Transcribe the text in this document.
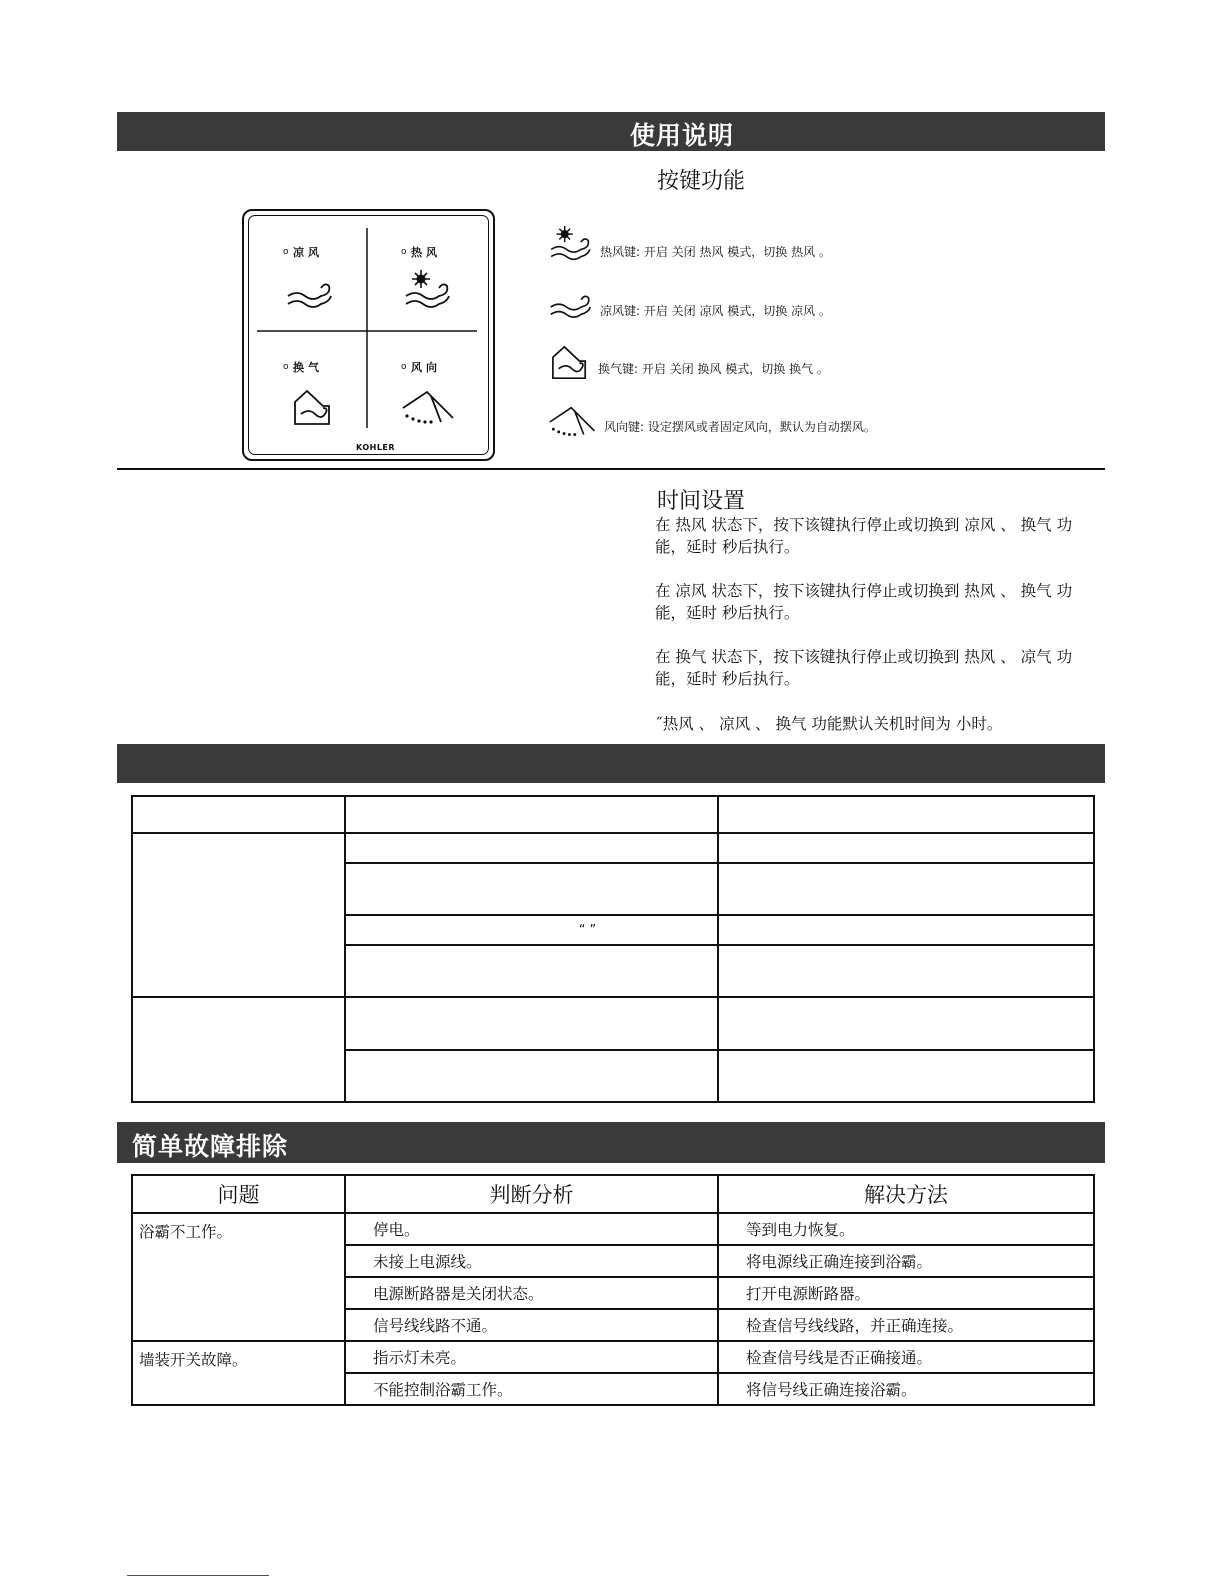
使用说明
按键功能
o 凉风	o 热风
o 换气	o 风向
KOHLER
热风键: 开启 关闭 热风 模式，切换 热风 。
凉风键: 开启 关闭 凉风 模式，切换 凉风 。
换气键: 开启 关闭 换风 模式，切换 换气 。
风向键: 设定摆风或者固定风向，默认为自动摆风。
时间设置
在 热风 状态下，按下该键执行停止或切换到 凉风 、 换气 功能，延时 秒后执行。
在 凉风 状态下，按下该键执行停止或切换到 热风 、 换气 功能，延时 秒后执行。
在 换气 状态下，按下该键执行停止或切换到 热风 、 凉气 功能，延时 秒后执行。
˝热风 、 凉风 、 换气 功能默认关机时间为 小时。

	“ ”	

简单故障排除
问题	判断分析	解决方法
浴霸不工作。	停电。	等到电力恢复。
	未接上电源线。	将电源线正确连接到浴霸。
	电源断路器是关闭状态。	打开电源断路器。
	信号线线路不通。	检查信号线线路，并正确连接。
墙装开关故障。	指示灯未亮。	检查信号线是否正确接通。
	不能控制浴霸工作。	将信号线正确连接浴霸。
